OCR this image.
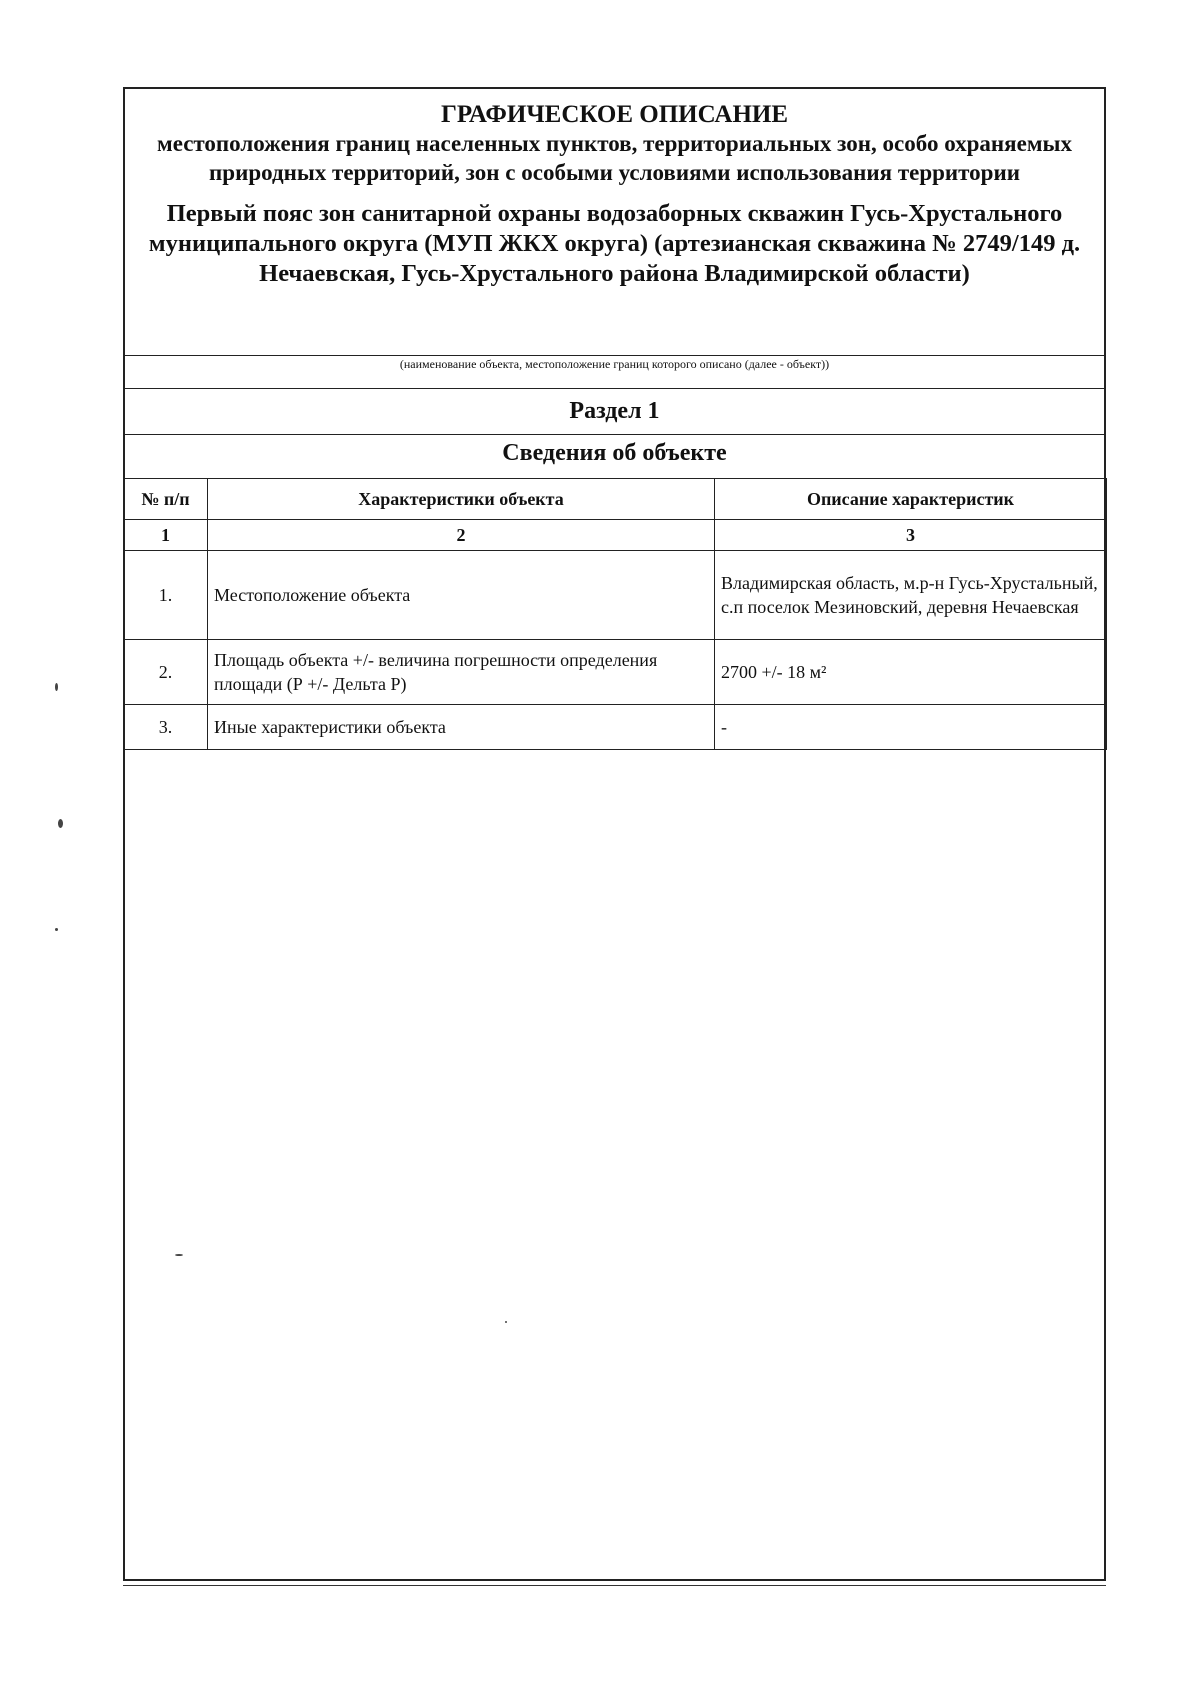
ГРАФИЧЕСКОЕ ОПИСАНИЕ
местоположения границ населенных пунктов, территориальных зон, особо охраняемых природных территорий, зон с особыми условиями использования территории
Первый пояс зон санитарной охраны водозаборных скважин Гусь-Хрустального муниципального округа (МУП ЖКХ округа) (артезианская скважина № 2749/149 д. Нечаевская, Гусь-Хрустального района Владимирской области)
(наименование объекта, местоположение границ которого описано (далее - объект))
Раздел 1
Сведения об объекте
№ п/п	Характеристики объекта	Описание характеристик
1	2	3
1.	Местоположение объекта	Владимирская область, м.р-н Гусь-Хрустальный, с.п поселок Мезиновский, деревня Нечаевская
2.	Площадь объекта +/- величина погрешности определения площади (Р +/- Дельта Р)	2700 +/- 18 м²
3.	Иные характеристики объекта	-
